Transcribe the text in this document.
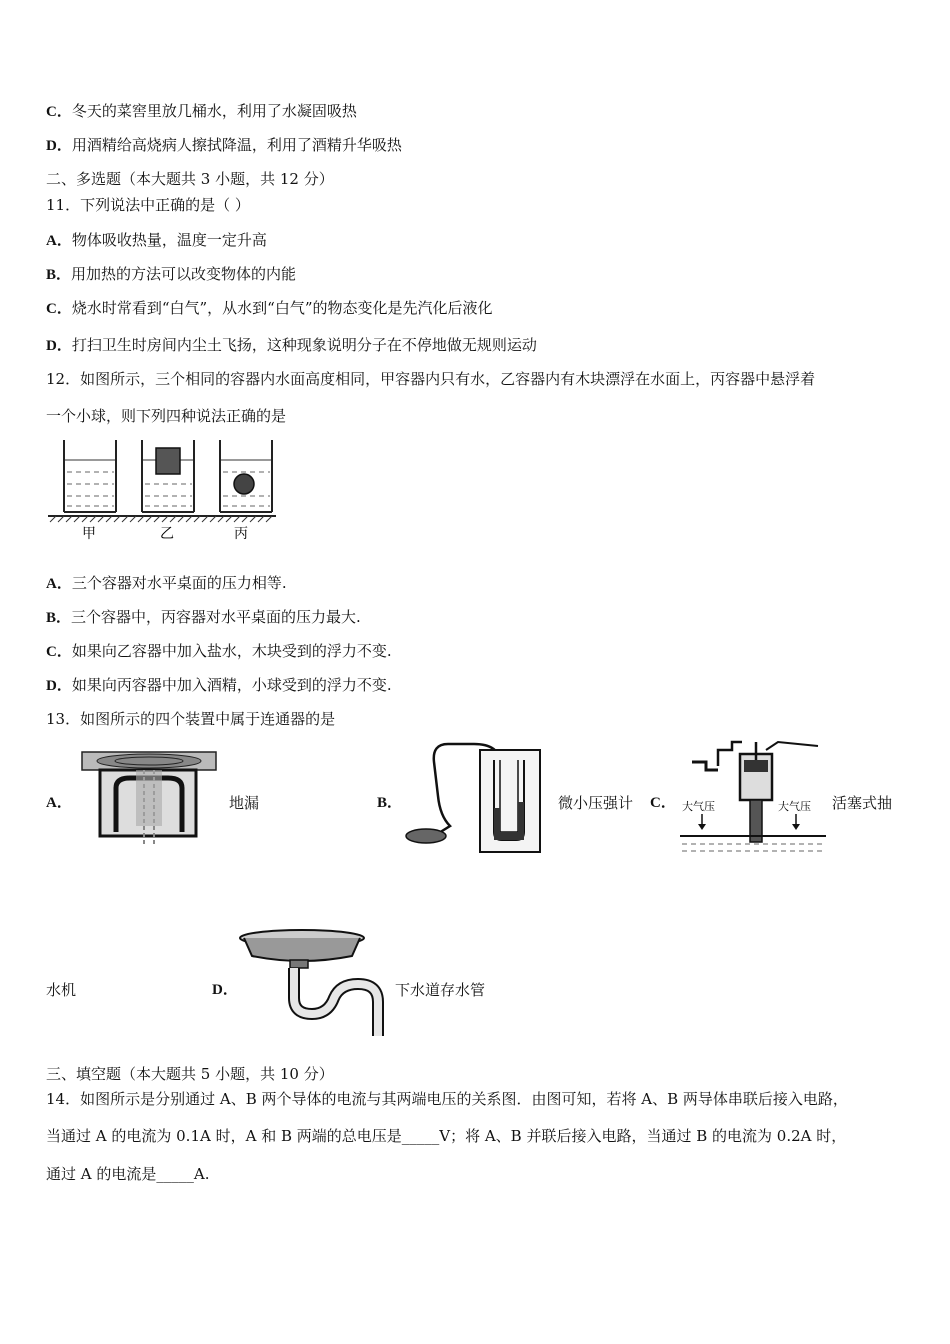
C．冬天的菜窖里放几桶水，利用了水凝固吸热
D．用酒精给高烧病人擦拭降温，利用了酒精升华吸热
二、多选题（本大题共 3 小题，共 12 分）
11．下列说法中正确的是（ ）
A．物体吸收热量，温度一定升高
B．用加热的方法可以改变物体的内能
C．烧水时常看到“白气”，从水到“白气”的物态变化是先汽化后液化
D．打扫卫生时房间内尘土飞扬，这种现象说明分子在不停地做无规则运动
12．如图所示，三个相同的容器内水面高度相同，甲容器内只有水，乙容器内有木块漂浮在水面上，丙容器中悬浮着
一个小球，则下列四种说法正确的是
甲	乙	丙
A．三个容器对水平桌面的压力相等.
B．三个容器中，丙容器对水平桌面的压力最大.
C．如果向乙容器中加入盐水，木块受到的浮力不变.
D．如果向丙容器中加入酒精，小球受到的浮力不变.
13．如图所示的四个装置中属于连通器的是
A．	地漏	B．	微小压强计 C． 大气压	大气压 活塞式抽
水机	D．	下水道存水管
三、填空题（本大题共 5 小题，共 10 分）
14．如图所示是分别通过 A、B 两个导体的电流与其两端电压的关系图．由图可知，若将 A、B 两导体串联后接入电路，
当通过 A 的电流为 0.1A 时，A 和 B 两端的总电压是_____V；将 A、B 并联后接入电路，当通过 B 的电流为 0.2A 时，
通过 A 的电流是_____A.
